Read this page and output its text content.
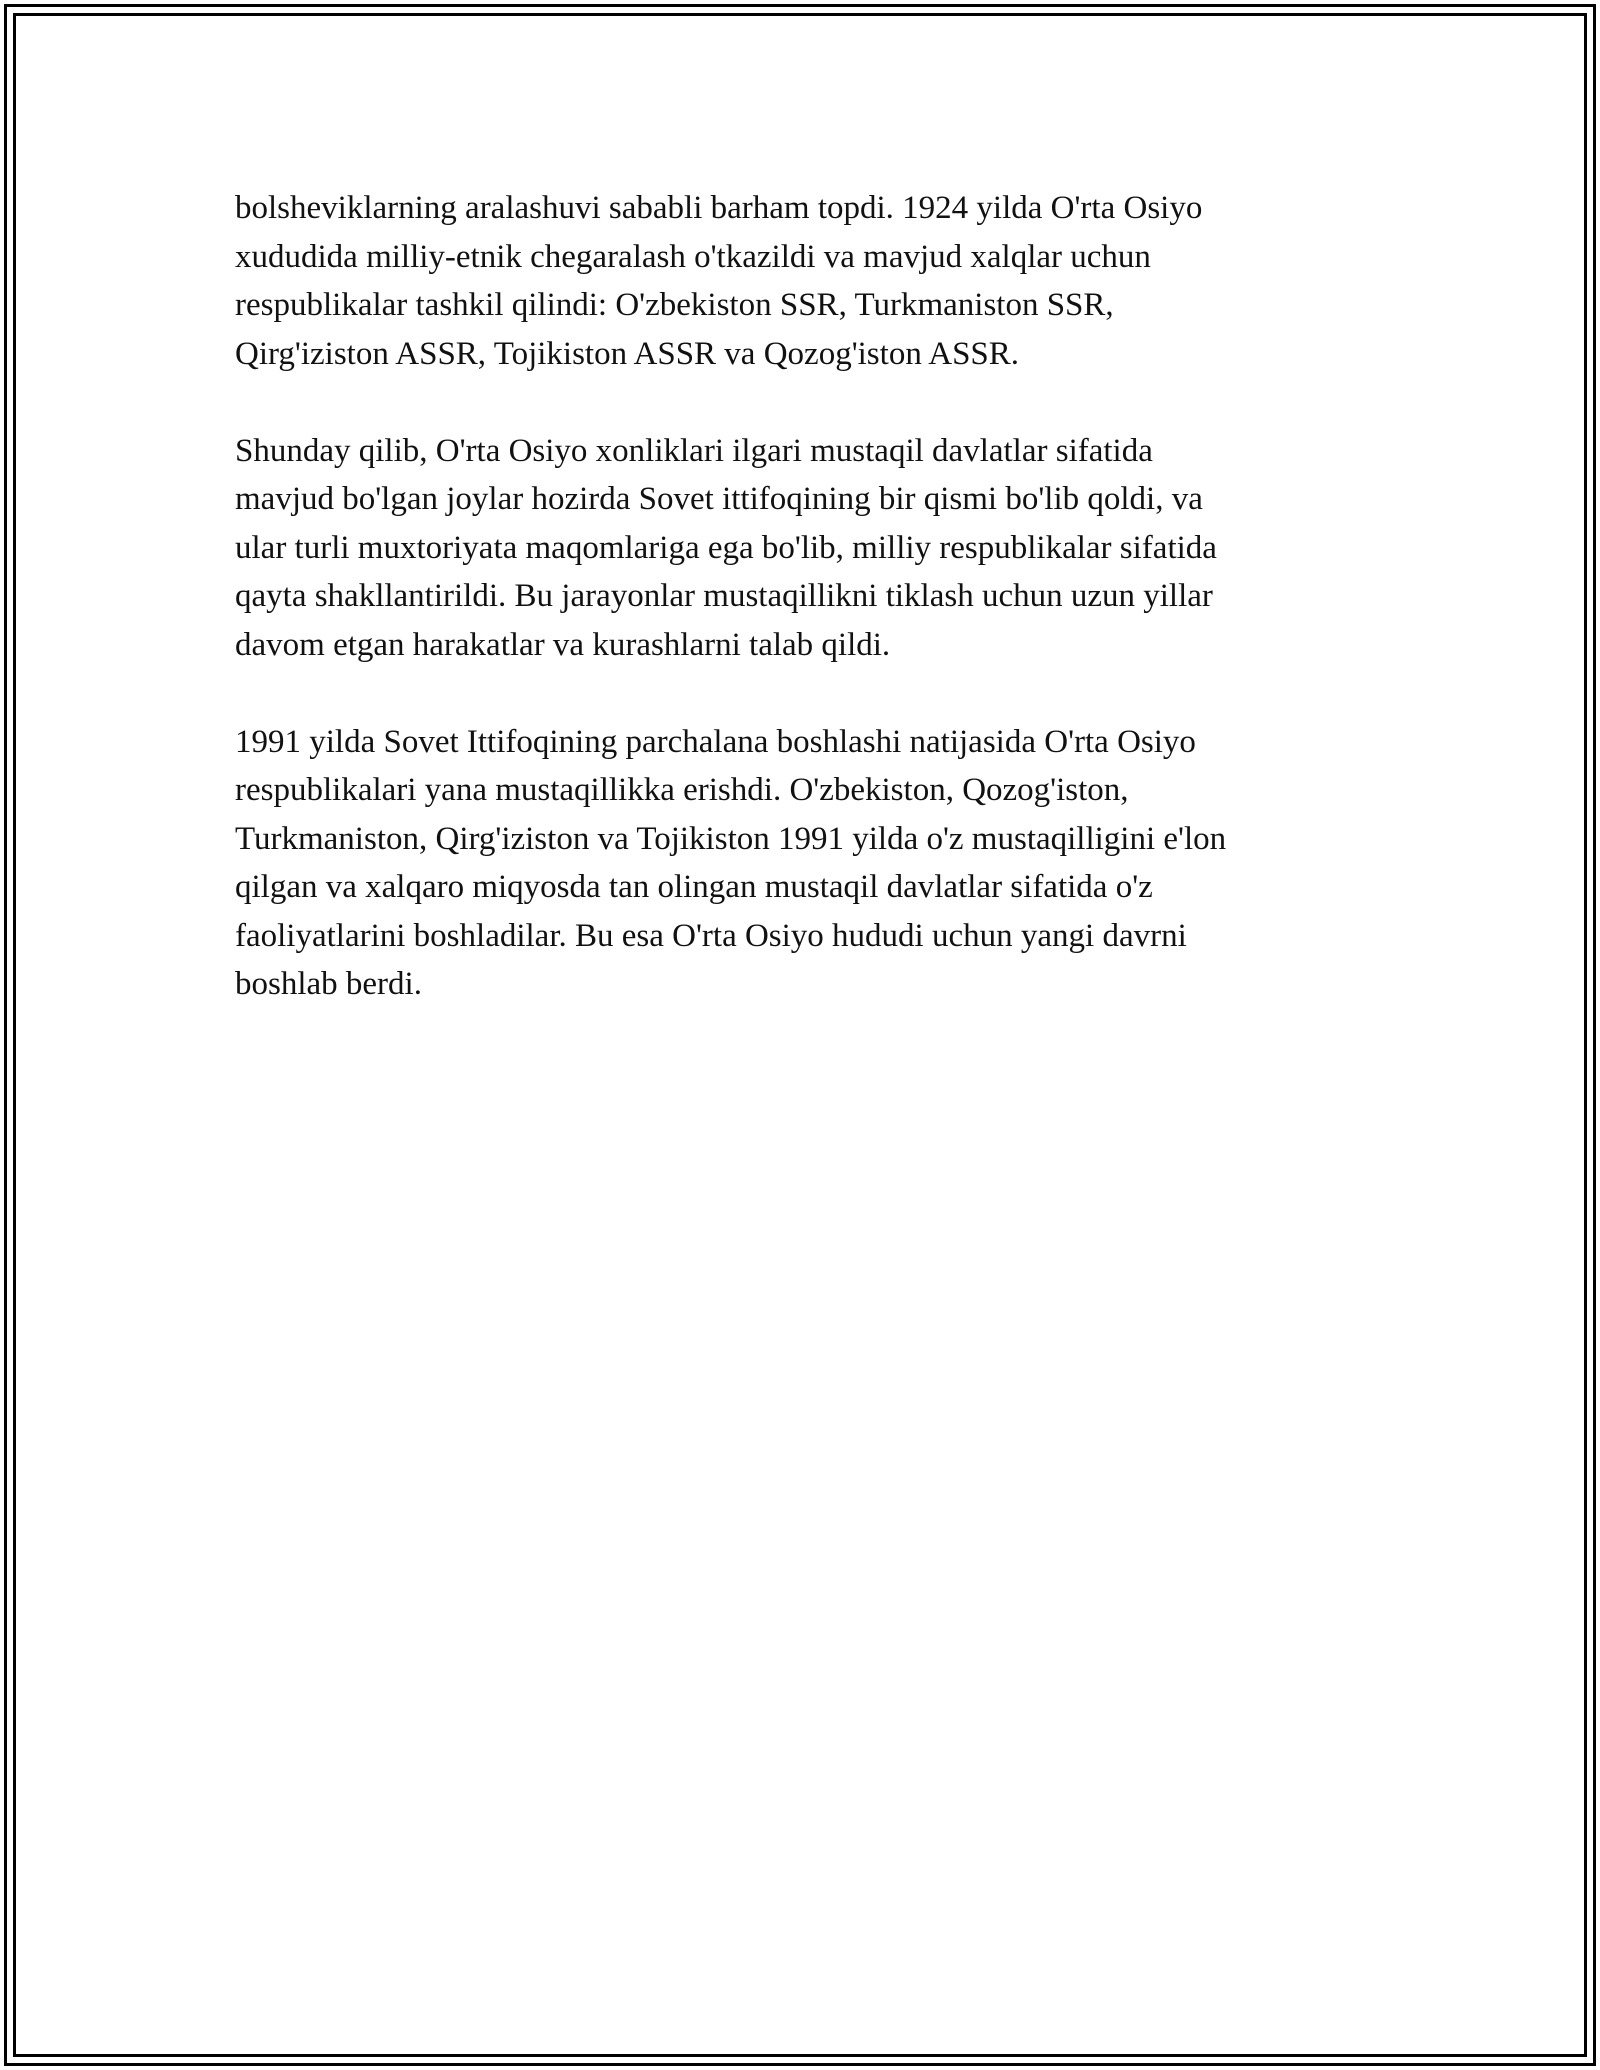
bolsheviklarning aralashuvi sababli barham topdi. 1924 yilda O'rta Osiyo
xududida milliy-etnik chegaralash o'tkazildi va mavjud xalqlar uchun
respublikalar tashkil qilindi: O'zbekiston SSR, Turkmaniston SSR,
Qirg'iziston ASSR, Tojikiston ASSR va Qozog'iston ASSR.

Shunday qilib, O'rta Osiyo xonliklari ilgari mustaqil davlatlar sifatida
mavjud bo'lgan joylar hozirda Sovet ittifoqining bir qismi bo'lib qoldi, va
ular turli muxtoriyata maqomlariga ega bo'lib, milliy respublikalar sifatida
qayta shakllantirildi. Bu jarayonlar mustaqillikni tiklash uchun uzun yillar
davom etgan harakatlar va kurashlarni talab qildi.

1991 yilda Sovet Ittifoqining parchalana boshlashi natijasida O'rta Osiyo
respublikalari yana mustaqillikka erishdi. O'zbekiston, Qozog'iston,
Turkmaniston, Qirg'iziston va Tojikiston 1991 yilda o'z mustaqilligini e'lon
qilgan va xalqaro miqyosda tan olingan mustaqil davlatlar sifatida o'z
faoliyatlarini boshladilar. Bu esa O'rta Osiyo hududi uchun yangi davrni
boshlab berdi.
